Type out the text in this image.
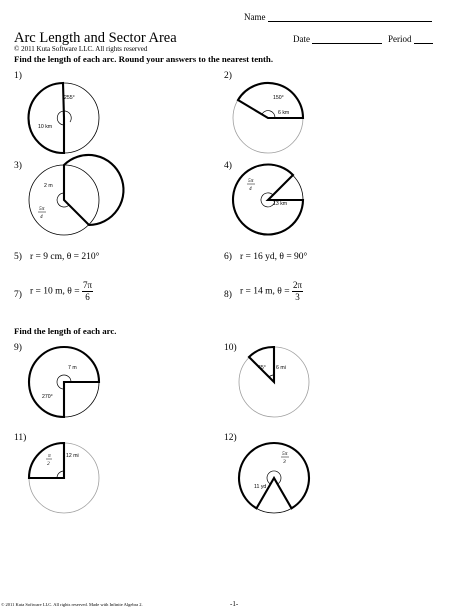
Name
Arc Length and Sector Area	Date	Period
© 2011 Kuta Software LLC. All rights reserved
Find the length of each arc. Round your answers to the nearest tenth.
1)
255°
10 km
2)
150°
6 km
3)
2 m
5π
4
4)
5π
4
13 km
5) r = 9 cm, θ = 210°	6) r = 16 yd, θ = 90°
7) r = 10 m, $\theta = \frac{7\pi}{6}$	8) r = 14 m, $\theta = \frac{2\pi}{3}$
Find the length of each arc.
9)
7 m
270°
10)
45° 6 mi
11)
π
2
12 mi
12)
5π
3
11 yd
© 2011 Kuta Software LLC. All rights reserved. Made with Infinite Algebra 2.	-1-
